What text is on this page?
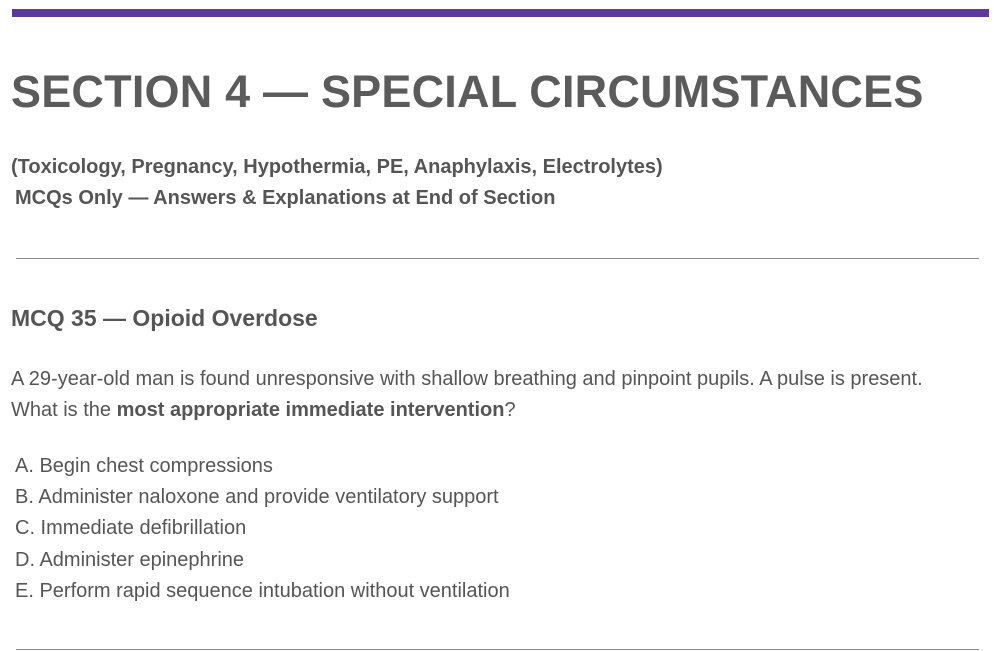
SECTION 4 — SPECIAL CIRCUMSTANCES

(Toxicology, Pregnancy, Hypothermia, PE, Anaphylaxis, Electrolytes)

MCQs Only — Answers & Explanations at End of Section

MCQ 35 — Opioid Overdose

A 29-year-old man is found unresponsive with shallow breathing and pinpoint pupils. A pulse is present. What is the most appropriate immediate intervention?

A. Begin chest compressions
B. Administer naloxone and provide ventilatory support
C. Immediate defibrillation
D. Administer epinephrine
E. Perform rapid sequence intubation without ventilation
